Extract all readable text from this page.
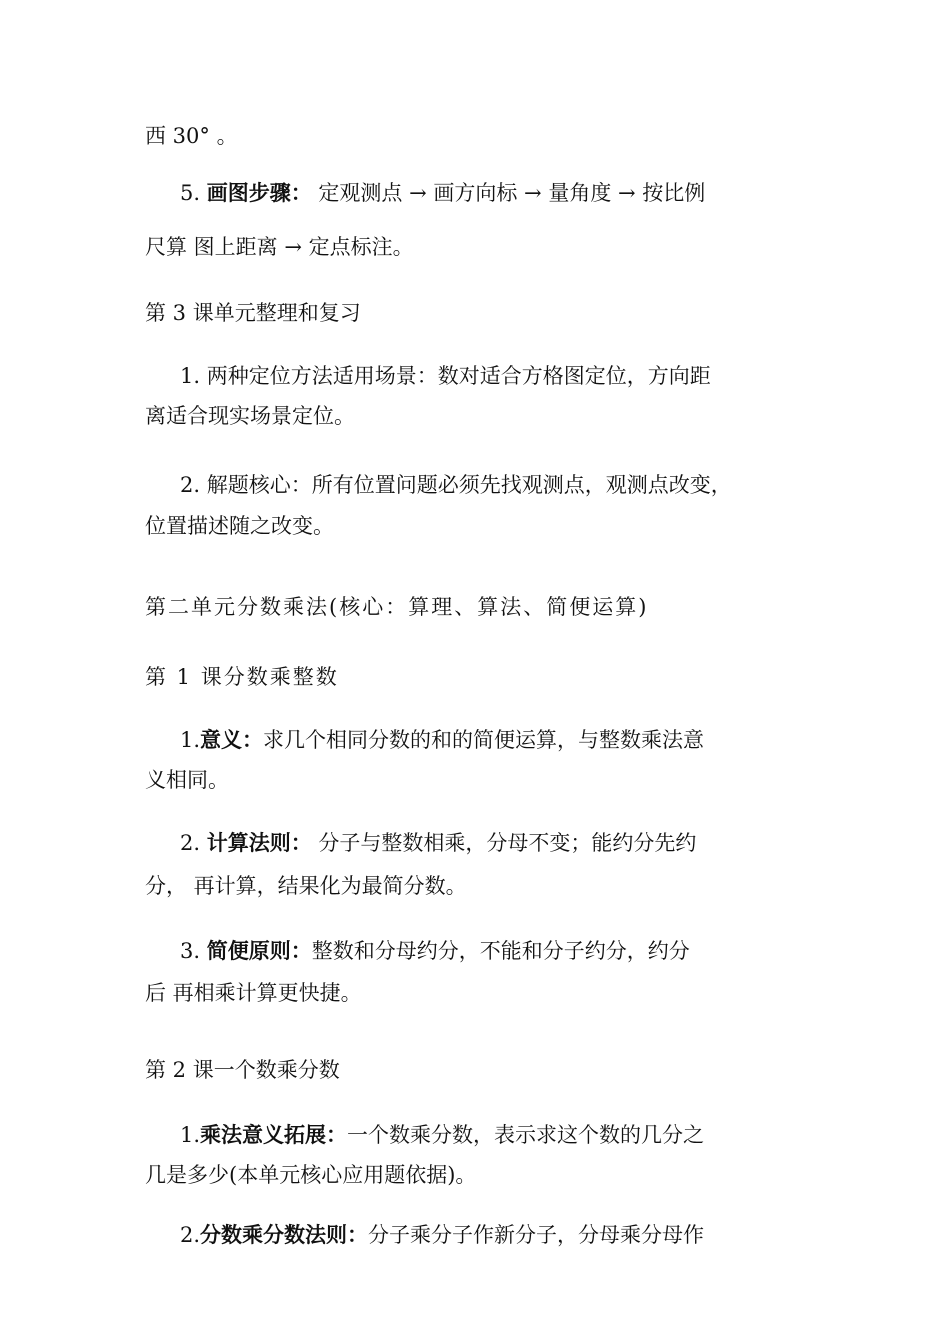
西 30° 。
5. 画图步骤： 定观测点 → 画方向标 → 量角度 → 按比例
尺算 图上距离 → 定点标注。
第 3 课单元整理和复习
1. 两种定位方法适用场景：数对适合方格图定位，方向距
离适合现实场景定位。
2. 解题核心：所有位置问题必须先找观测点，观测点改变，
位置描述随之改变。
第二单元分数乘法(核心：算理、算法、简便运算)
第 1 课分数乘整数
1.意义：求几个相同分数的和的简便运算，与整数乘法意
义相同。
2. 计算法则： 分子与整数相乘，分母不变；能约分先约
分， 再计算，结果化为最简分数。
3. 简便原则：整数和分母约分，不能和分子约分，约分
后 再相乘计算更快捷。
第 2 课一个数乘分数
1.乘法意义拓展：一个数乘分数，表示求这个数的几分之
几是多少(本单元核心应用题依据)。
2.分数乘分数法则：分子乘分子作新分子，分母乘分母作
